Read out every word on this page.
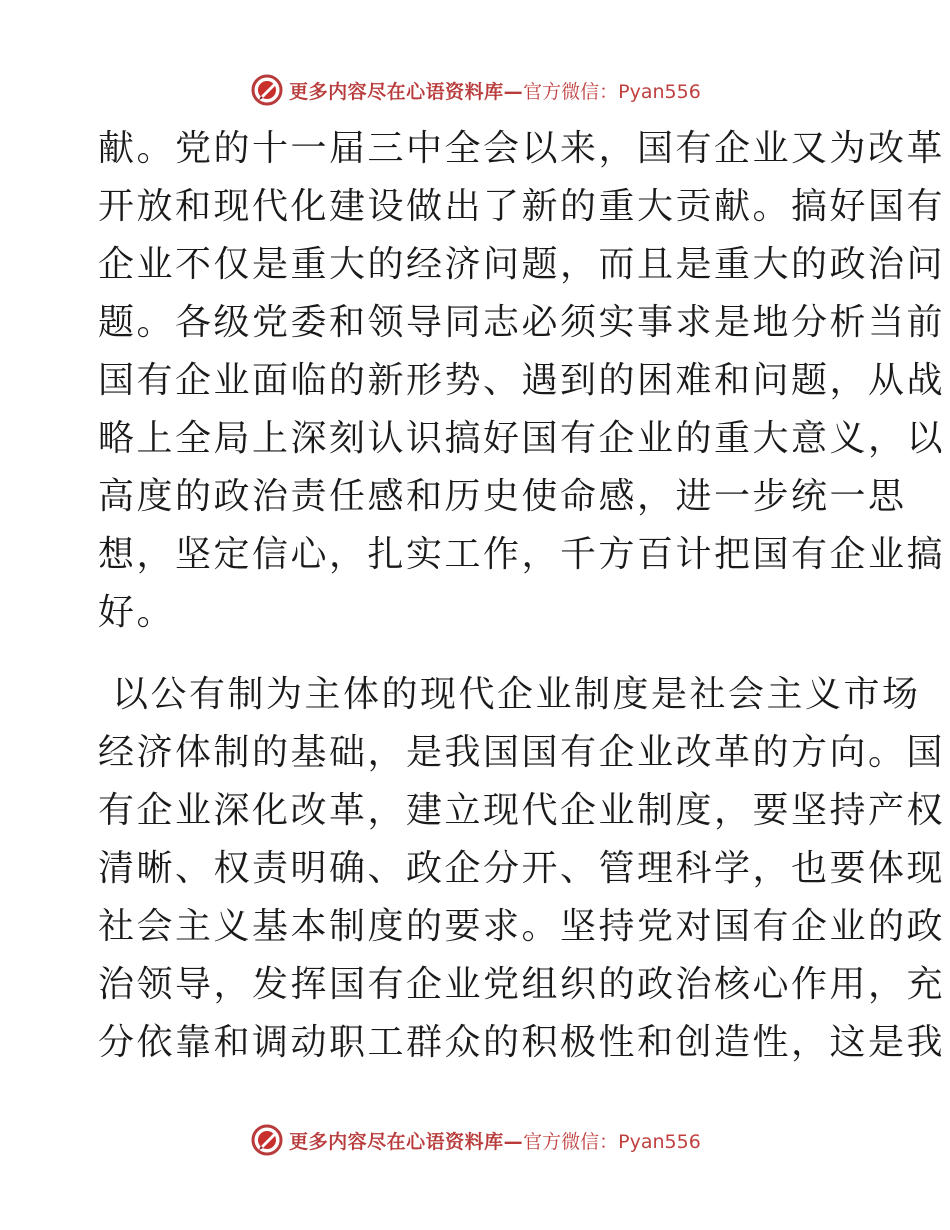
更多内容尽在心语资料库— 官方微信：Pyan556
献。党的十一届三中全会以来，国有企业又为改革
开放和现代化建设做出了新的重大贡献。搞好国有
企业不仅是重大的经济问题，而且是重大的政治问
题。各级党委和领导同志必须实事求是地分析当前
国有企业面临的新形势、遇到的困难和问题，从战
略上全局上深刻认识搞好国有企业的重大意义，以
高度的政治责任感和历史使命感，进一步统一思
想，坚定信心，扎实工作，千方百计把国有企业搞
好。
以公有制为主体的现代企业制度是社会主义市场
经济体制的基础，是我国国有企业改革的方向。国
有企业深化改革，建立现代企业制度，要坚持产权
清晰、权责明确、政企分开、管理科学，也要体现
社会主义基本制度的要求。坚持党对国有企业的政
治领导，发挥国有企业党组织的政治核心作用，充
分依靠和调动职工群众的积极性和创造性，这是我
更多内容尽在心语资料库— 官方微信：Pyan556
